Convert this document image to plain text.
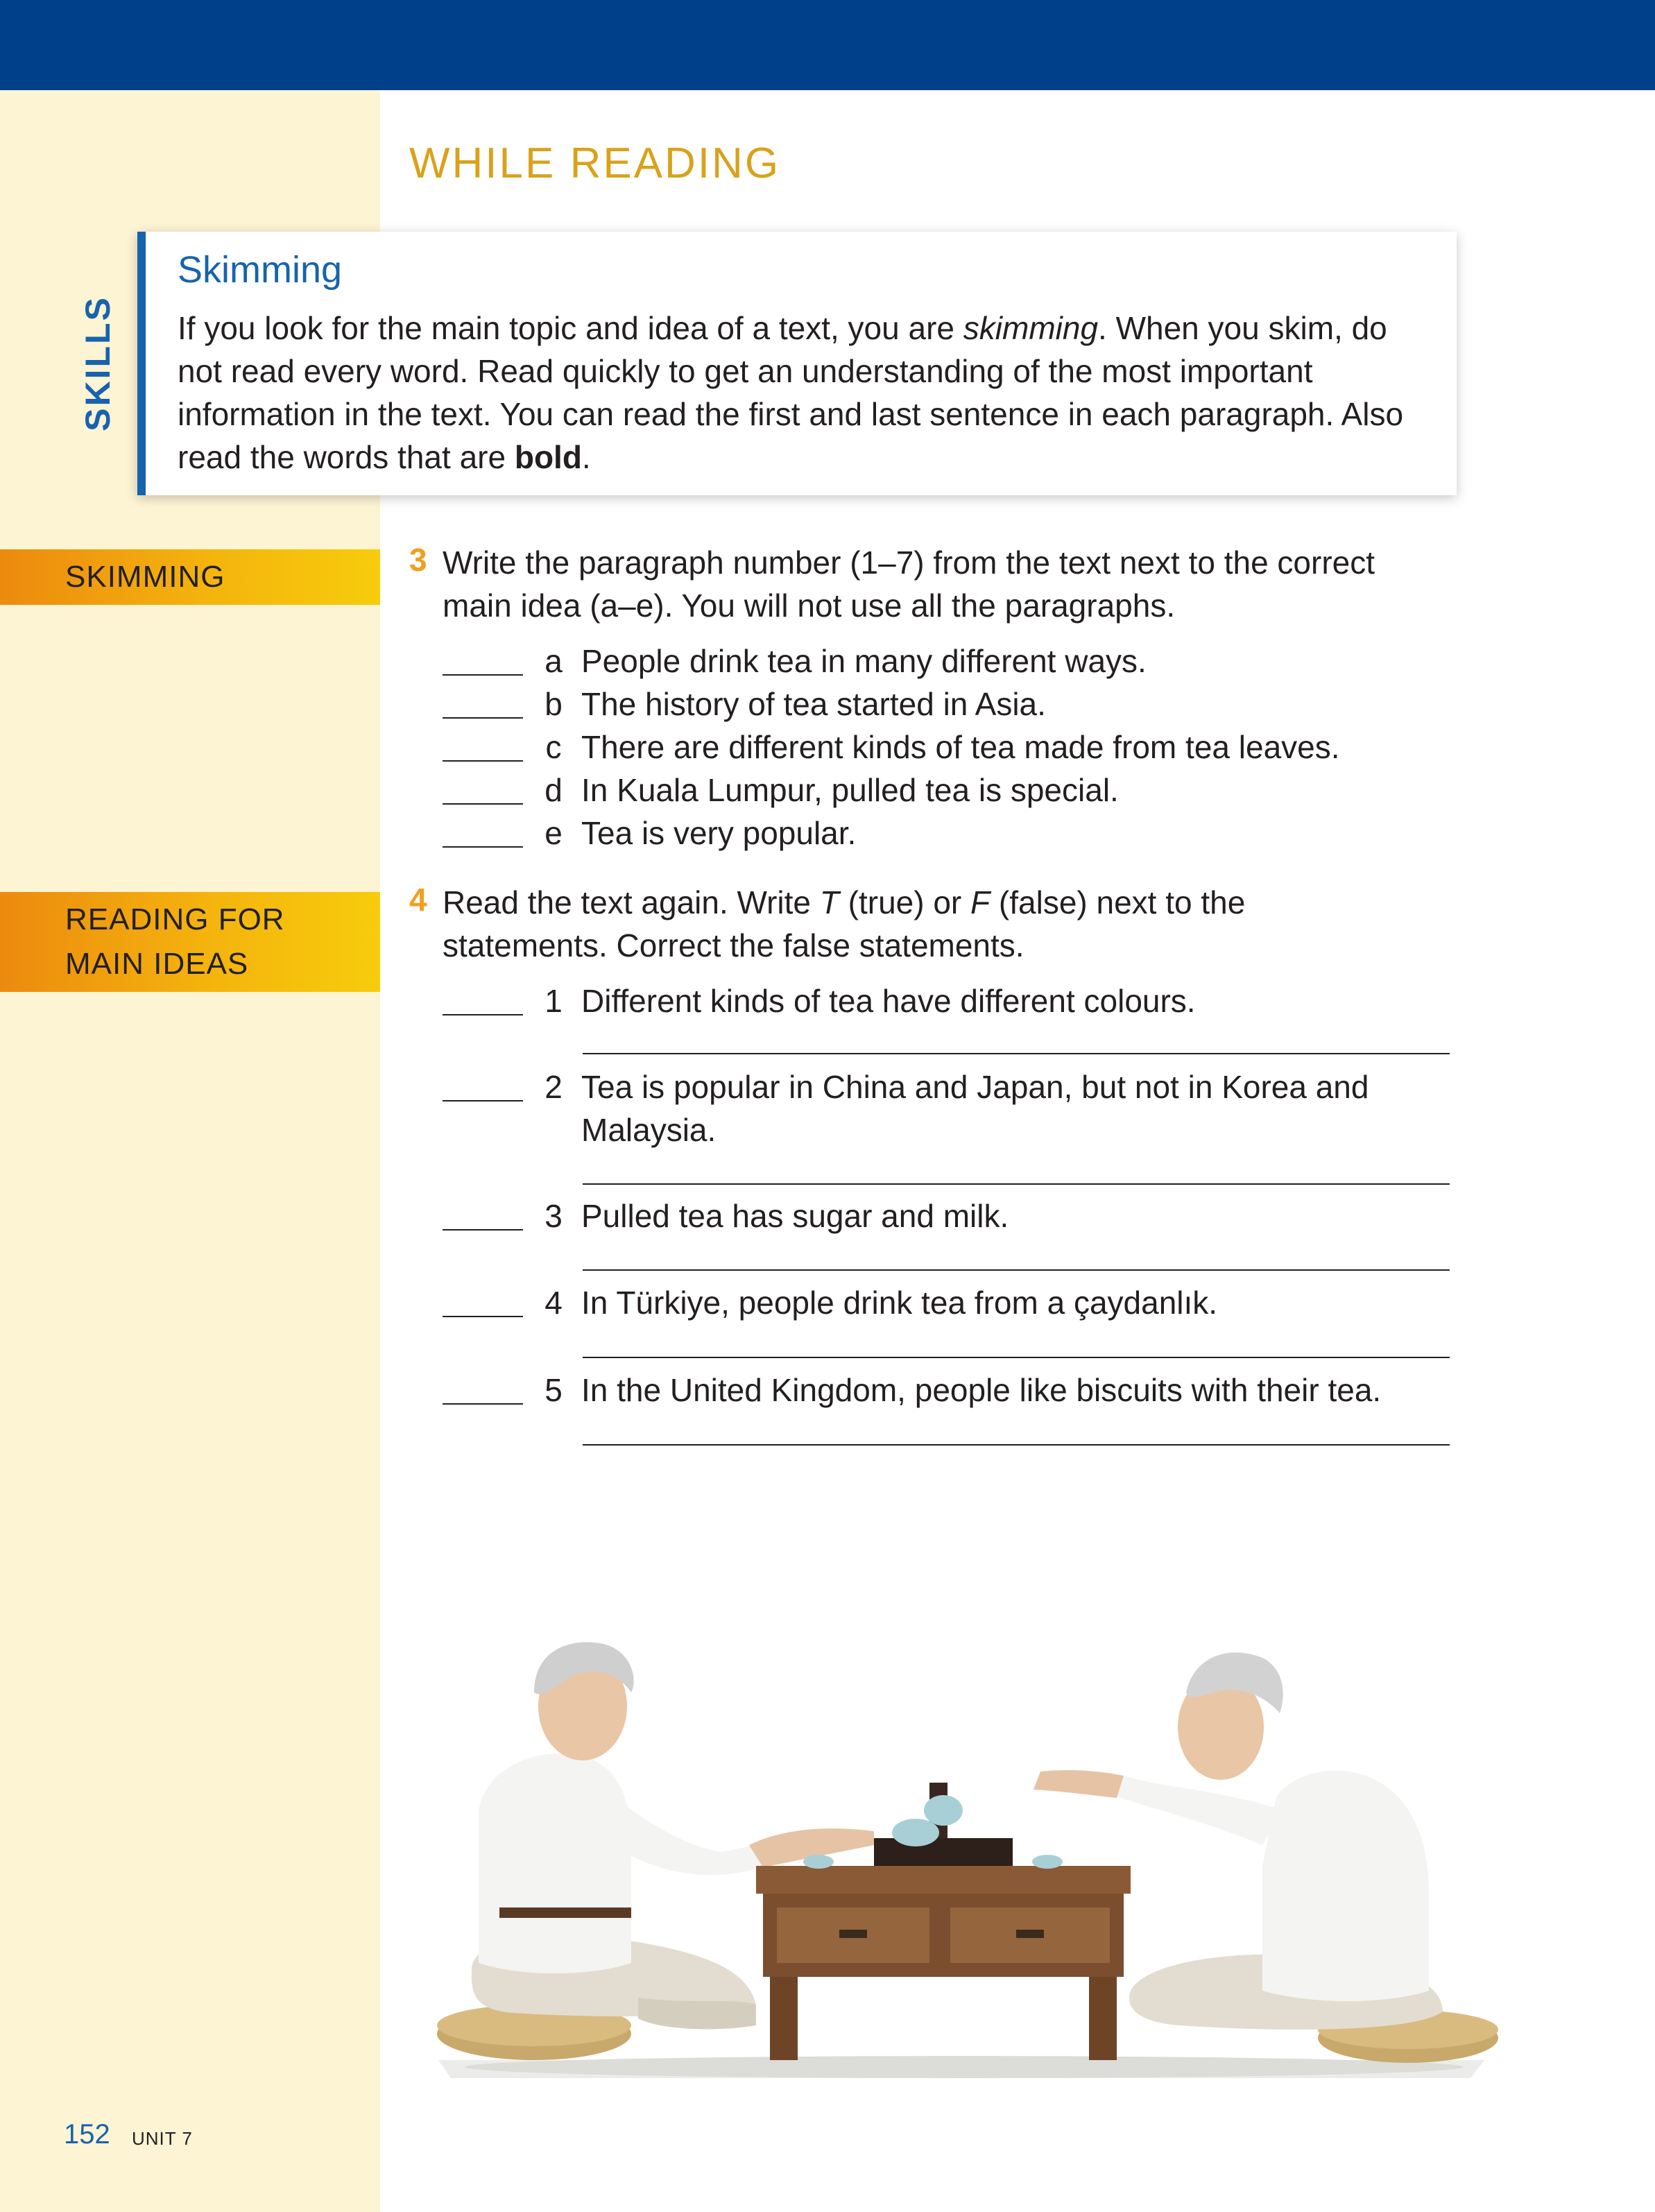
WHILE READING
SKILLS
Skimming
If you look for the main topic and idea of a text, you are skimming. When you skim, do not read every word. Read quickly to get an understanding of the most important information in the text. You can read the first and last sentence in each paragraph. Also read the words that are bold.
SKIMMING
READING FOR
MAIN IDEAS
3 Write the paragraph number (1–7) from the text next to the correct
main idea (a–e). You will not use all the paragraphs.
a People drink tea in many different ways.
b The history of tea started in Asia.
c There are different kinds of tea made from tea leaves.
d In Kuala Lumpur, pulled tea is special.
e Tea is very popular.
4 Read the text again. Write T (true) or F (false) next to the
statements. Correct the false statements.
1 Different kinds of tea have different colours.
2 Tea is popular in China and Japan, but not in Korea and
Malaysia.
3 Pulled tea has sugar and milk.
4 In Türkiye, people drink tea from a çaydanlık.
5 In the United Kingdom, people like biscuits with their tea.
152 UNIT 7
